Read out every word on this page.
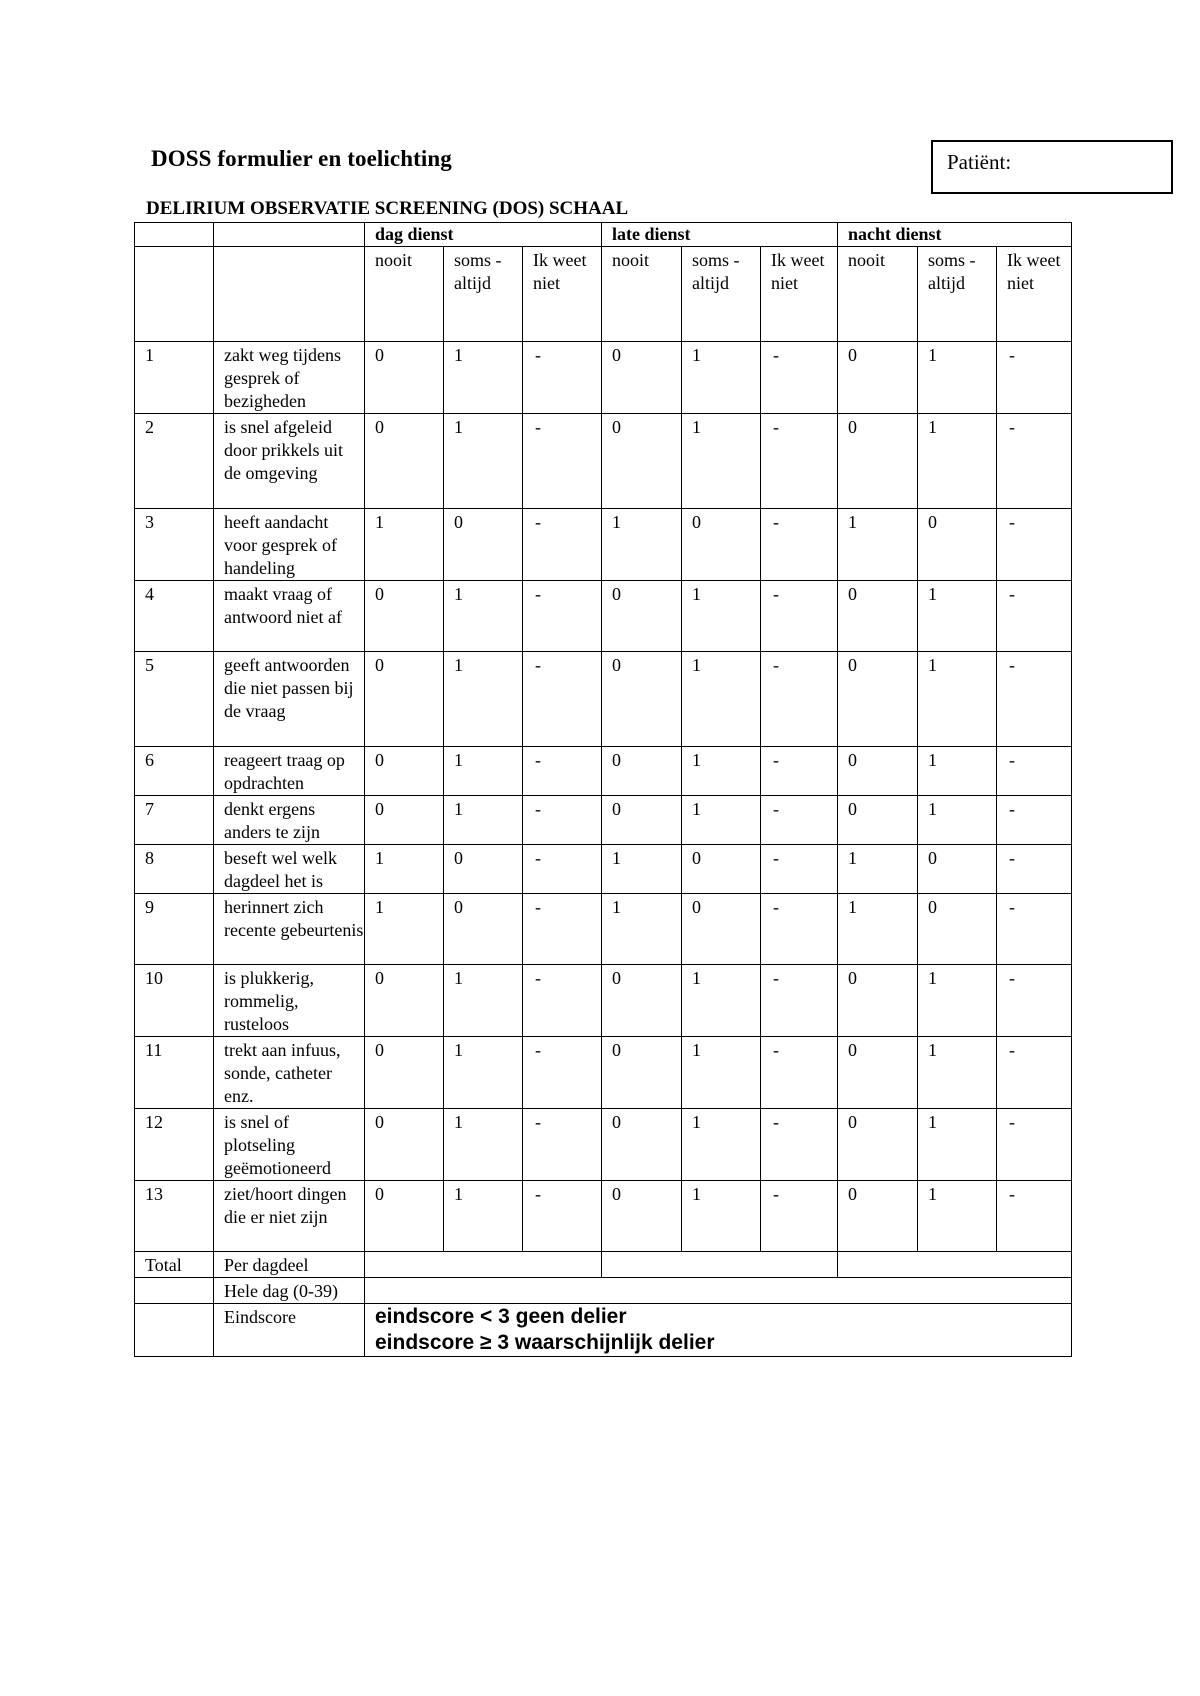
DOSS formulier en toelichting	Patiënt:
DELIRIUM OBSERVATIE SCREENING (DOS) SCHAAL
		dag dienst			late dienst			nacht dienst		
		nooit	soms - altijd	Ik weet niet	nooit	soms - altijd	Ik weet niet	nooit	soms - altijd	Ik weet niet
1	zakt weg tijdens gesprek of bezigheden	0	1	-	0	1	-	0	1	-
2	is snel afgeleid door prikkels uit de omgeving	0	1	-	0	1	-	0	1	-
3	heeft aandacht voor gesprek of handeling	1	0	-	1	0	-	1	0	-
4	maakt vraag of antwoord niet af	0	1	-	0	1	-	0	1	-
5	geeft antwoorden die niet passen bij de vraag	0	1	-	0	1	-	0	1	-
6	reageert traag op opdrachten	0	1	-	0	1	-	0	1	-
7	denkt ergens anders te zijn	0	1	-	0	1	-	0	1	-
8	beseft wel welk dagdeel het is	1	0	-	1	0	-	1	0	-
9	herinnert zich recente gebeurtenis	1	0	-	1	0	-	1	0	-
10	is plukkerig, rommelig, rusteloos	0	1	-	0	1	-	0	1	-
11	trekt aan infuus, sonde, catheter enz.	0	1	-	0	1	-	0	1	-
12	is snel of plotseling geëmotioneerd	0	1	-	0	1	-	0	1	-
13	ziet/hoort dingen die er niet zijn	0	1	-	0	1	-	0	1	-
Total	Per dagdeel									
	Hele dag (0-39)									
	Eindscore	eindscore < 3 geen delier
eindscore ≥ 3 waarschijnlijk delier								
